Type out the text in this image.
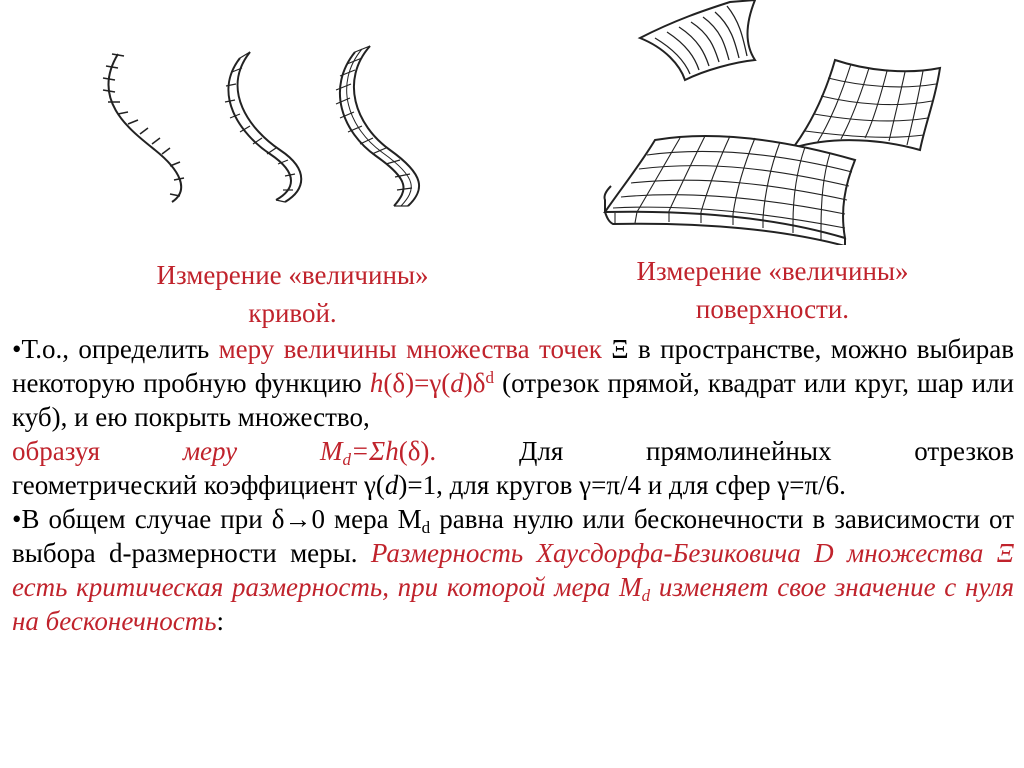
Измерение «величины»
кривой.
Измерение «величины»
поверхности.

•Т.о., определить меру величины множества точек Ξ в пространстве, можно выбирав некоторую пробную функцию $h(\delta)=\gamma(d)\delta^d$ (отрезок прямой, квадрат или круг, шар или куб), и ею покрыть множество,

образуя меру	$M_d=\Sigma h(\delta)$.	Для	прямолинейных	отрезков

геометрический коэффициент γ(d)=1, для кругов γ=π/4 и для сфер γ=π/6.

•В общем случае при δ→0 мера $M_d$ равна нулю или бесконечности в зависимости от выбора d-размерности меры. Размерность Хаусдорфа-Безиковича D множества Ξ есть критическая размерность, при которой мера $M_d$ изменяет свое значение с нуля на бесконечность:
